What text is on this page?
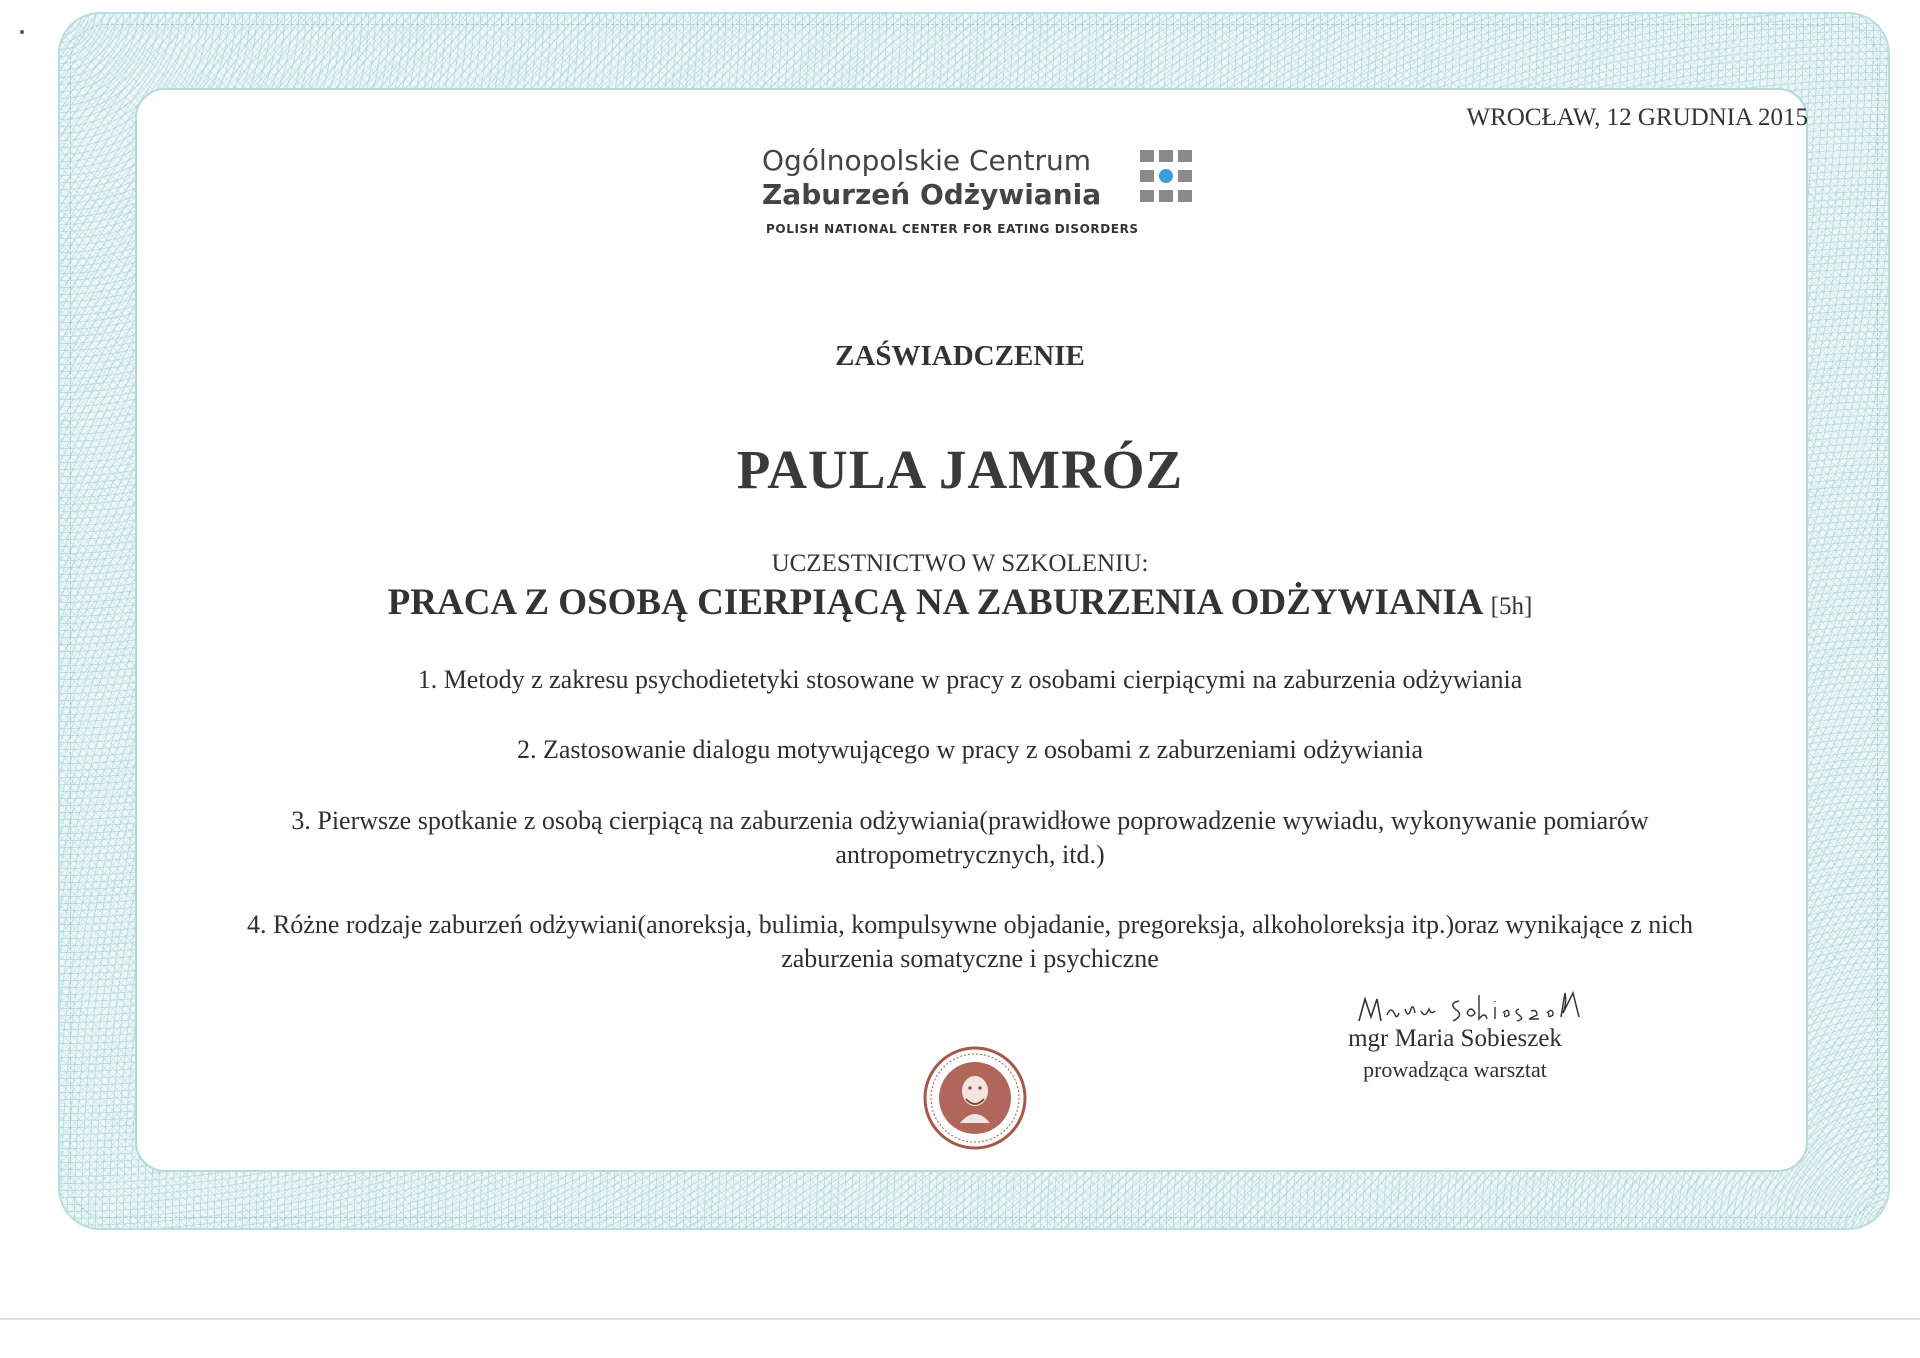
WROCŁAW, 12 GRUDNIA 2015
Ogólnopolskie Centrum
Zaburzeń Odżywiania
POLISH NATIONAL CENTER FOR EATING DISORDERS
ZAŚWIADCZENIE
PAULA JAMRÓZ
UCZESTNICTWO W SZKOLENIU:
PRACA Z OSOBĄ CIERPIĄCĄ NA ZABURZENIA ODŻYWIANIA [5h]
1. Metody z zakresu psychodietetyki stosowane w pracy z osobami cierpiącymi na zaburzenia odżywiania
2. Zastosowanie dialogu motywującego w pracy z osobami z zaburzeniami odżywiania
3. Pierwsze spotkanie z osobą cierpiącą na zaburzenia odżywiania(prawidłowe poprowadzenie wywiadu, wykonywanie pomiarów antropometrycznych, itd.)
4. Różne rodzaje zaburzeń odżywiani(anoreksja, bulimia, kompulsywne objadanie, pregoreksja, alkoholoreksja itp.)oraz wynikające z nich zaburzenia somatyczne i psychiczne
mgr Maria Sobieszek
prowadząca warsztat
